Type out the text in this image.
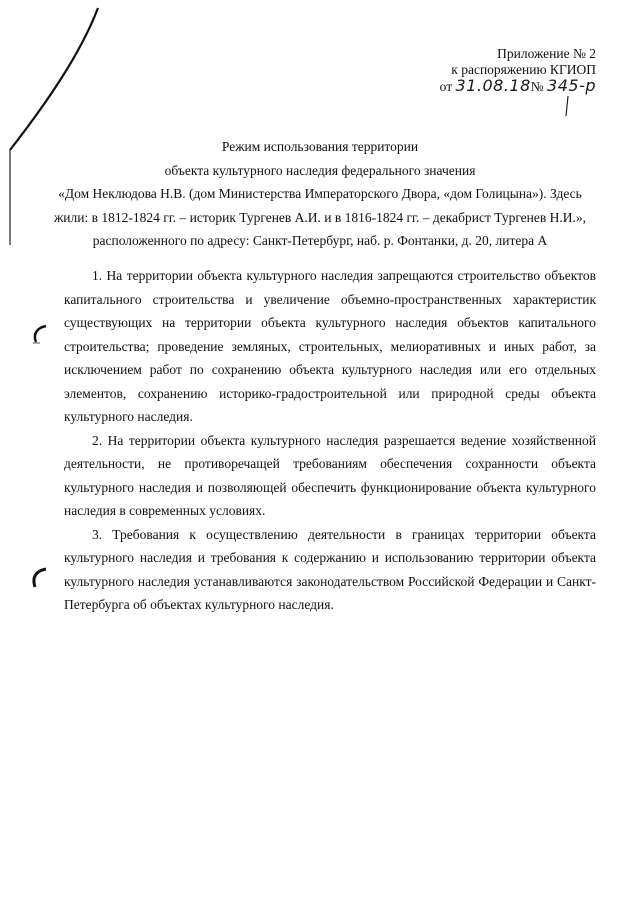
Приложение № 2
к распоряжению КГИОП
от 31.08.18№ 345-р
Режим использования территории
объекта культурного наследия федерального значения
«Дом Неклюдова Н.В. (дом Министерства Императорского Двора, «дом Голицына»). Здесь
жили: в 1812-1824 гг. – историк Тургенев А.И. и в 1816-1824 гг. – декабрист Тургенев Н.И.»,
расположенного по адресу: Санкт-Петербург, наб. р. Фонтанки, д. 20, литера А

1. На территории объекта культурного наследия запрещаются строительство объектов капитального строительства и увеличение объемно-пространственных характеристик существующих на территории объекта культурного наследия объектов капитального строительства; проведение земляных, строительных, мелиоративных и иных работ, за исключением работ по сохранению объекта культурного наследия или его отдельных элементов, сохранению историко-градостроительной или природной среды объекта культурного наследия.

2. На территории объекта культурного наследия разрешается ведение хозяйственной деятельности, не противоречащей требованиям обеспечения сохранности объекта культурного наследия и позволяющей обеспечить функционирование объекта культурного наследия в современных условиях.

3. Требования к осуществлению деятельности в границах территории объекта культурного наследия и требования к содержанию и использованию территории объекта культурного наследия устанавливаются законодательством Российской Федерации и Санкт-Петербурга об объектах культурного наследия.
